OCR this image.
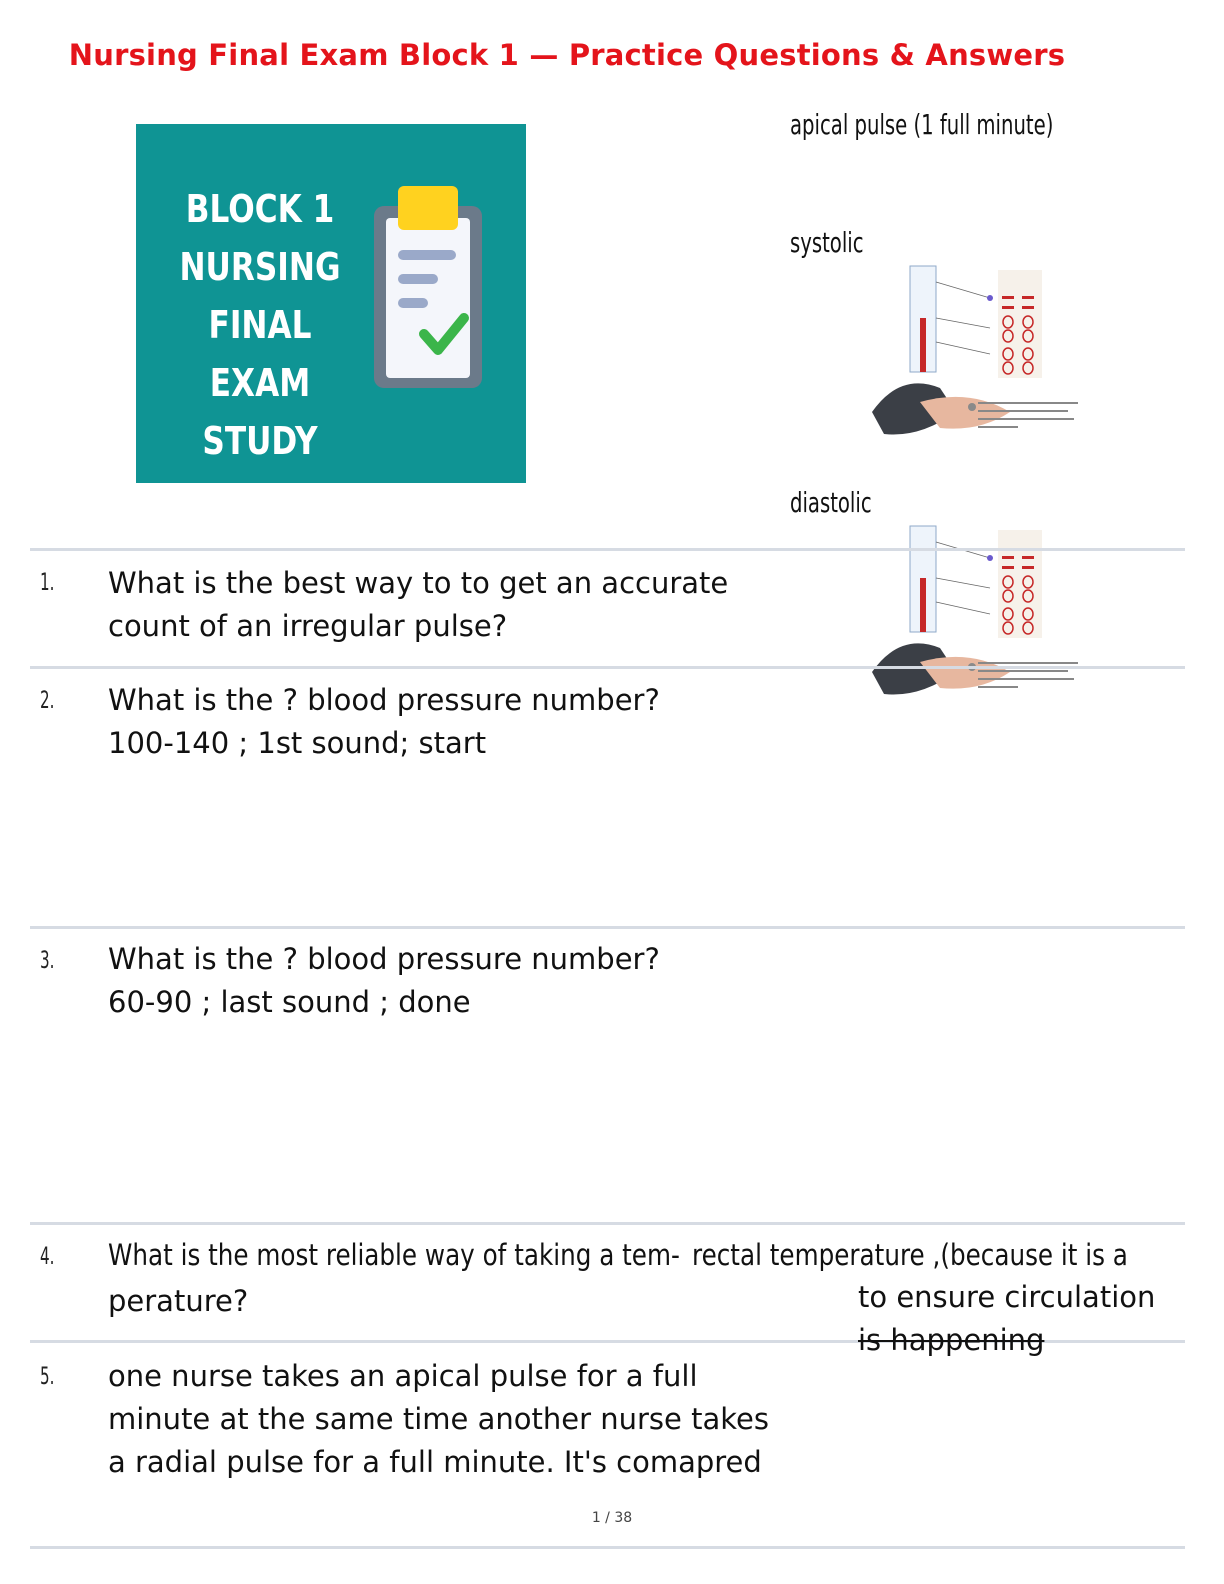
Nursing Final Exam Block 1 — Practice Questions & Answers
BLOCK 1
NURSING
FINAL EXAM
STUDY GUIDE
apical pulse (1 full minute)
systolic
diastolic
1. What is the best way to to get an accurate
count of an irregular pulse?
2. What is the ? blood pressure number?
100-140 ; 1st sound; start
3. What is the ? blood pressure number?
60-90 ; last sound ; done
4. What is the most reliable way of taking a tem-
perature?
rectal temperature ,(because it is a
to ensure circulation
is happening
5. one nurse takes an apical pulse for a full
minute at the same time another nurse takes
a radial pulse for a full minute. It's comapred
1 / 38
